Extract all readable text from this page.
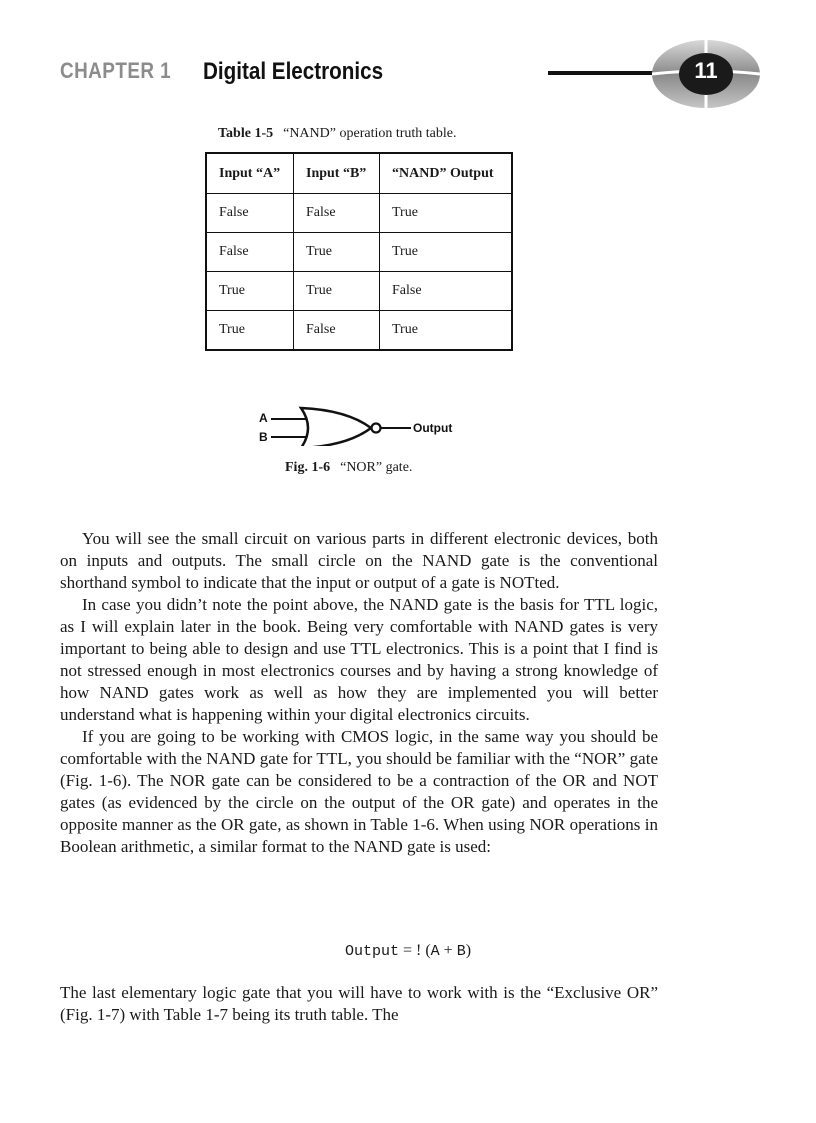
CHAPTER 1 Digital Electronics	11
Table 1-5 “NAND” operation truth table.
Input “A”	Input “B”	“NAND” Output
False	False	True
False	True	True
True	True	False
True	False	True
A
B
Output
Fig. 1-6 “NOR” gate.

You will see the small circuit on various parts in different electronic devices, both on inputs and outputs. The small circle on the NAND gate is the conventional shorthand symbol to indicate that the input or output of a gate is NOTted.

In case you didn’t note the point above, the NAND gate is the basis for TTL logic, as I will explain later in the book. Being very comfortable with NAND gates is very important to being able to design and use TTL electronics. This is a point that I find is not stressed enough in most electronics courses and by having a strong knowledge of how NAND gates work as well as how they are implemented you will better understand what is happening within your digital electronics circuits.

If you are going to be working with CMOS logic, in the same way you should be comfortable with the NAND gate for TTL, you should be familiar with the “NOR” gate (Fig. 1-6). The NOR gate can be considered to be a contraction of the OR and NOT gates (as evidenced by the circle on the output of the OR gate) and operates in the opposite manner as the OR gate, as shown in Table 1-6. When using NOR operations in Boolean arithmetic, a similar format to the NAND gate is used:

Output = ! (A + B)

The last elementary logic gate that you will have to work with is the “Exclusive OR” (Fig. 1-7) with Table 1-7 being its truth table. The
